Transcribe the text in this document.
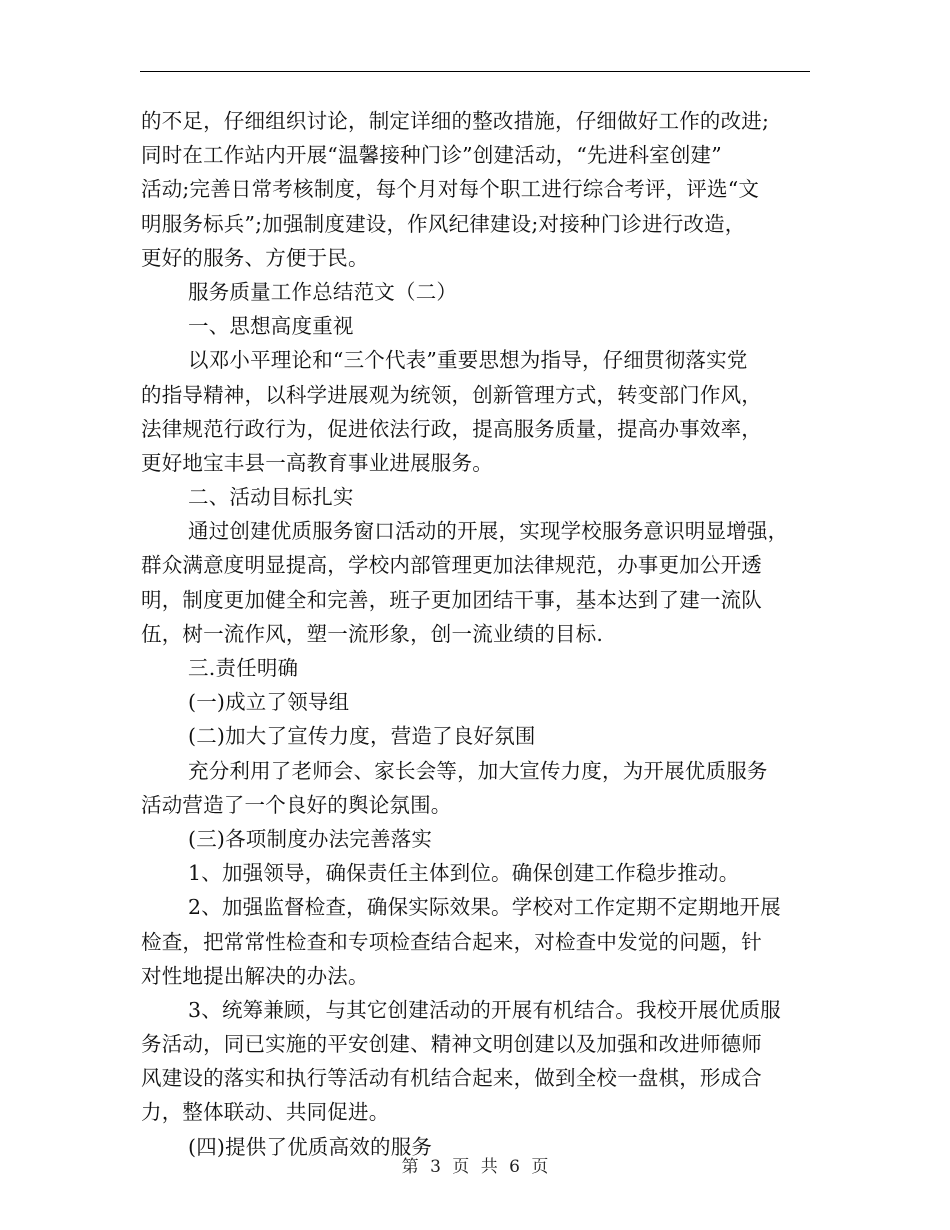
的不足，仔细组织讨论，制定详细的整改措施，仔细做好工作的改进;
同时在工作站内开展“温馨接种门诊”创建活动，“先进科室创建”
活动;完善日常考核制度，每个月对每个职工进行综合考评，评选“文
明服务标兵”;加强制度建设，作风纪律建设;对接种门诊进行改造，
更好的服务、方便于民。
服务质量工作总结范文（二）
一、思想高度重视
以邓小平理论和“三个代表”重要思想为指导，仔细贯彻落实党
的指导精神，以科学进展观为统领，创新管理方式，转变部门作风，
法律规范行政行为，促进依法行政，提高服务质量，提高办事效率，
更好地宝丰县一高教育事业进展服务。
二、活动目标扎实
通过创建优质服务窗口活动的开展，实现学校服务意识明显增强，
群众满意度明显提高，学校内部管理更加法律规范，办事更加公开透
明，制度更加健全和完善，班子更加团结干事，基本达到了建一流队
伍，树一流作风，塑一流形象，创一流业绩的目标.
三.责任明确
(一)成立了领导组
(二)加大了宣传力度，营造了良好氛围
充分利用了老师会、家长会等，加大宣传力度，为开展优质服务
活动营造了一个良好的舆论氛围。
(三)各项制度办法完善落实
1、加强领导，确保责任主体到位。确保创建工作稳步推动。
2、加强监督检查，确保实际效果。学校对工作定期不定期地开展
检查，把常常性检查和专项检查结合起来，对检查中发觉的问题，针
对性地提出解决的办法。
3、统筹兼顾，与其它创建活动的开展有机结合。我校开展优质服
务活动，同已实施的平安创建、精神文明创建以及加强和改进师德师
风建设的落实和执行等活动有机结合起来，做到全校一盘棋，形成合
力，整体联动、共同促进。
(四)提供了优质高效的服务
第 3 页 共 6 页
